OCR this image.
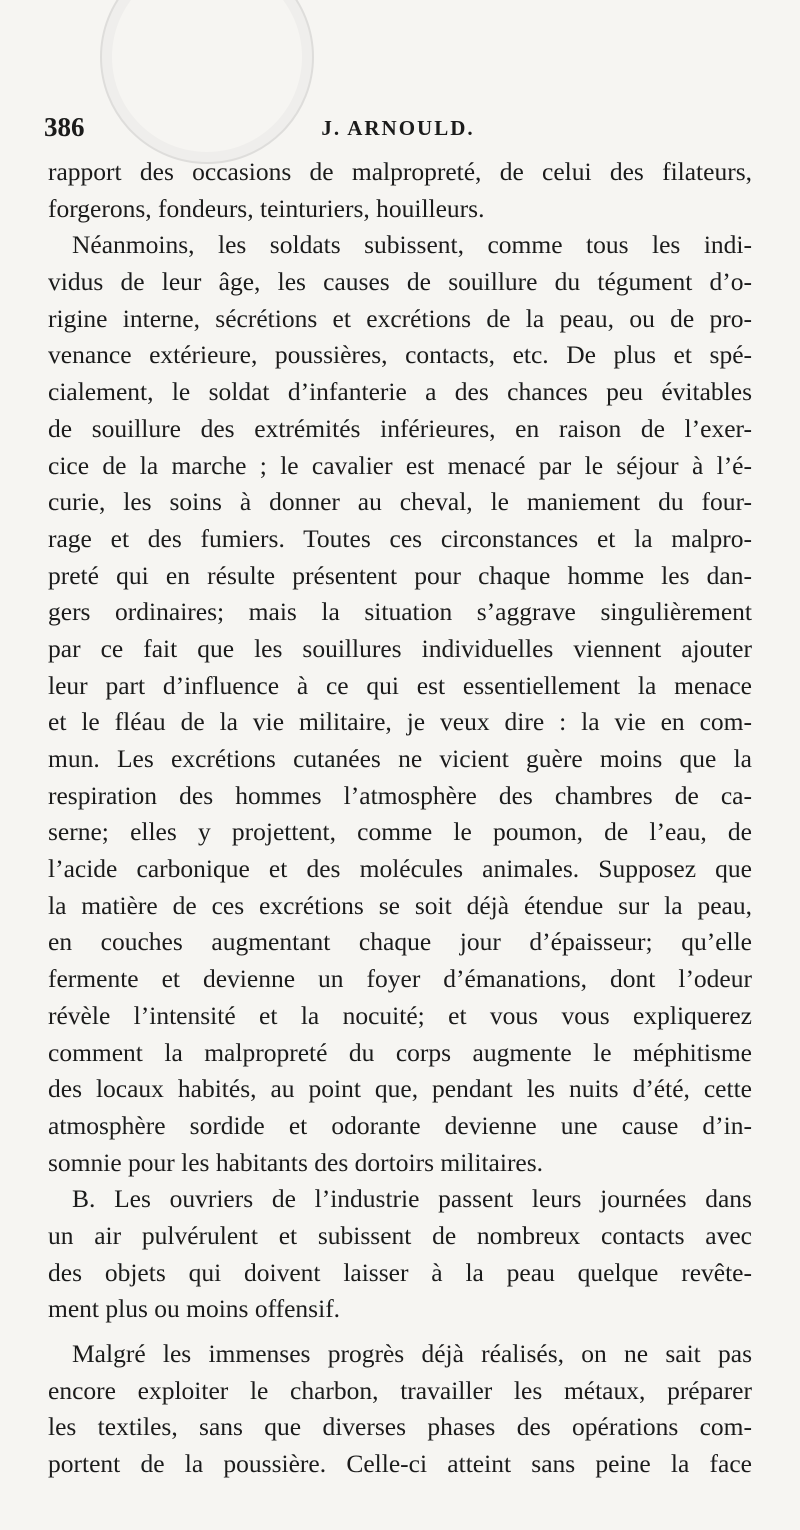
386	J. ARNOULD.
rapport des occasions de malpropreté, de celui des filateurs,
forgerons, fondeurs, teinturiers, houilleurs.
Néanmoins, les soldats subissent, comme tous les indi-
vidus de leur âge, les causes de souillure du tégument d’o-
rigine interne, sécrétions et excrétions de la peau, ou de pro-
venance extérieure, poussières, contacts, etc. De plus et spé-
cialement, le soldat d’infanterie a des chances peu évitables
de souillure des extrémités inférieures, en raison de l’exer-
cice de la marche ; le cavalier est menacé par le séjour à l’é-
curie, les soins à donner au cheval, le maniement du four-
rage et des fumiers. Toutes ces circonstances et la malpro-
preté qui en résulte présentent pour chaque homme les dan-
gers ordinaires; mais la situation s’aggrave singulièrement
par ce fait que les souillures individuelles viennent ajouter
leur part d’influence à ce qui est essentiellement la menace
et le fléau de la vie militaire, je veux dire : la vie en com-
mun. Les excrétions cutanées ne vicient guère moins que la
respiration des hommes l’atmosphère des chambres de ca-
serne; elles y projettent, comme le poumon, de l’eau, de
l’acide carbonique et des molécules animales. Supposez que
la matière de ces excrétions se soit déjà étendue sur la peau,
en couches augmentant chaque jour d’épaisseur; qu’elle
fermente et devienne un foyer d’émanations, dont l’odeur
révèle l’intensité et la nocuité; et vous vous expliquerez
comment la malpropreté du corps augmente le méphitisme
des locaux habités, au point que, pendant les nuits d’été, cette
atmosphère sordide et odorante devienne une cause d’in-
somnie pour les habitants des dortoirs militaires.
B. Les ouvriers de l’industrie passent leurs journées dans
un air pulvérulent et subissent de nombreux contacts avec
des objets qui doivent laisser à la peau quelque revête-
ment plus ou moins offensif.
Malgré les immenses progrès déjà réalisés, on ne sait pas
encore exploiter le charbon, travailler les métaux, préparer
les textiles, sans que diverses phases des opérations com-
portent de la poussière. Celle-ci atteint sans peine la face
